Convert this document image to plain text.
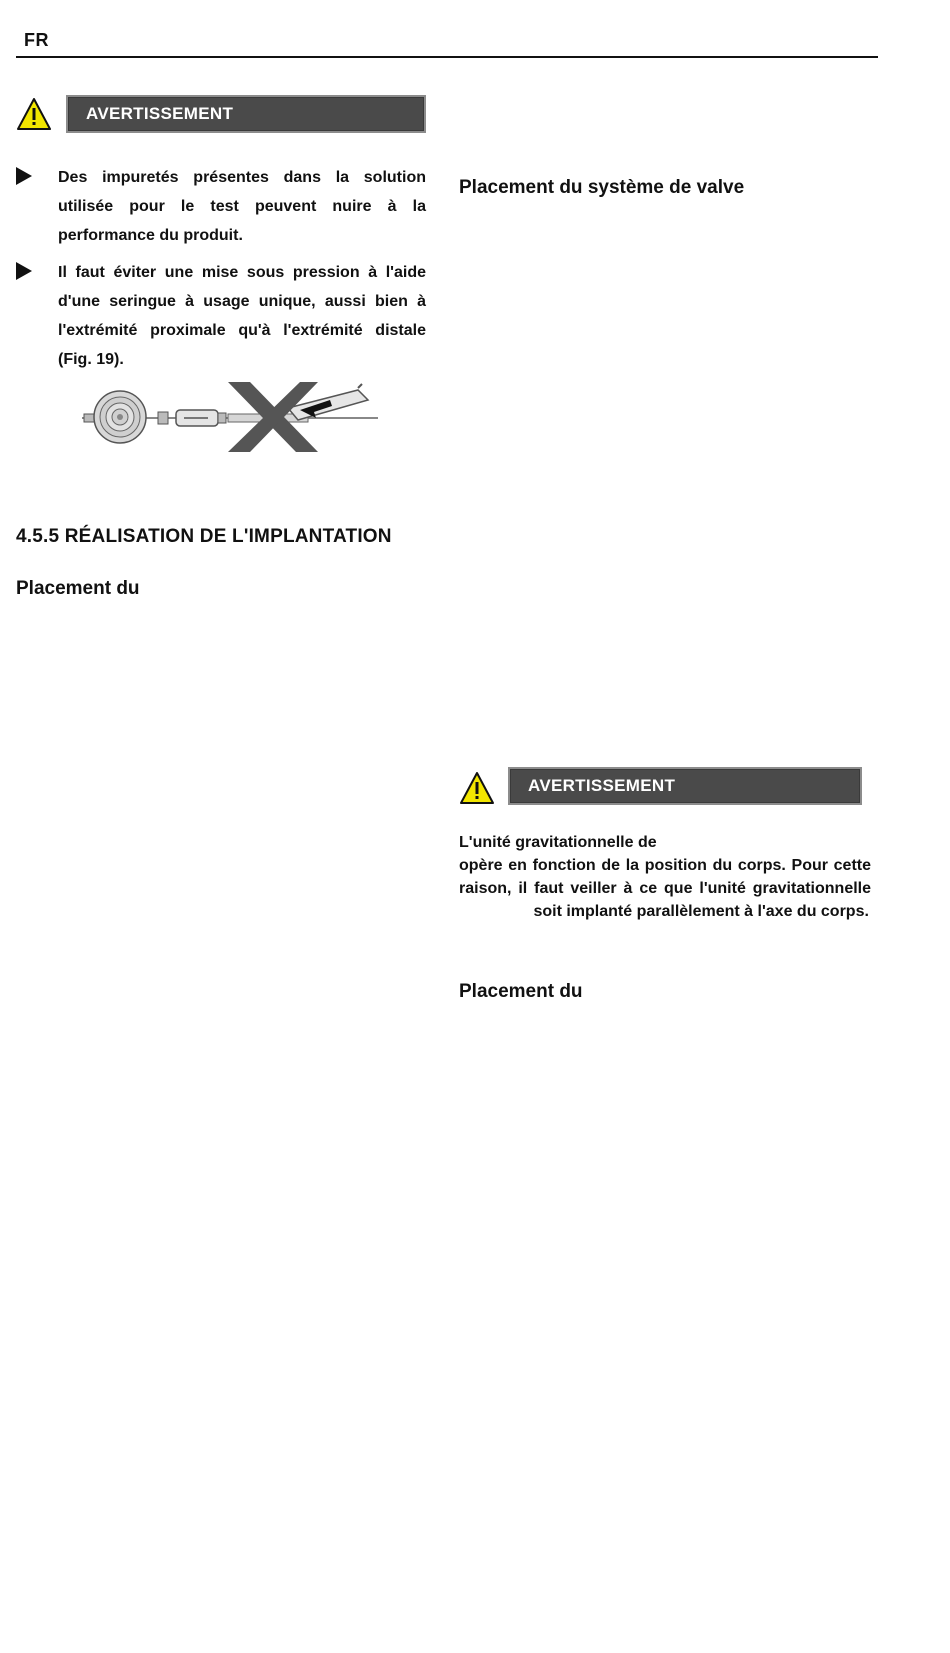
FR
AVERTISSEMENT
Des impuretés présentes dans la solution utilisée pour le test peuvent nuire à la performance du produit.
Il faut éviter une mise sous pression à l'aide d'une seringue à usage unique, aussi bien à l'extrémité proximale qu'à l'extrémité distale (Fig. 19).
4.5.5 RÉALISATION DE L'IMPLANTATION
Placement du
Placement du système de valve
AVERTISSEMENT
L'unité gravitationnelle de
opère en fonction de la position du corps. Pour cette raison, il faut veiller à ce que l'unité gravitationnelle  soit implanté parallèlement à l'axe du corps.
Placement du
